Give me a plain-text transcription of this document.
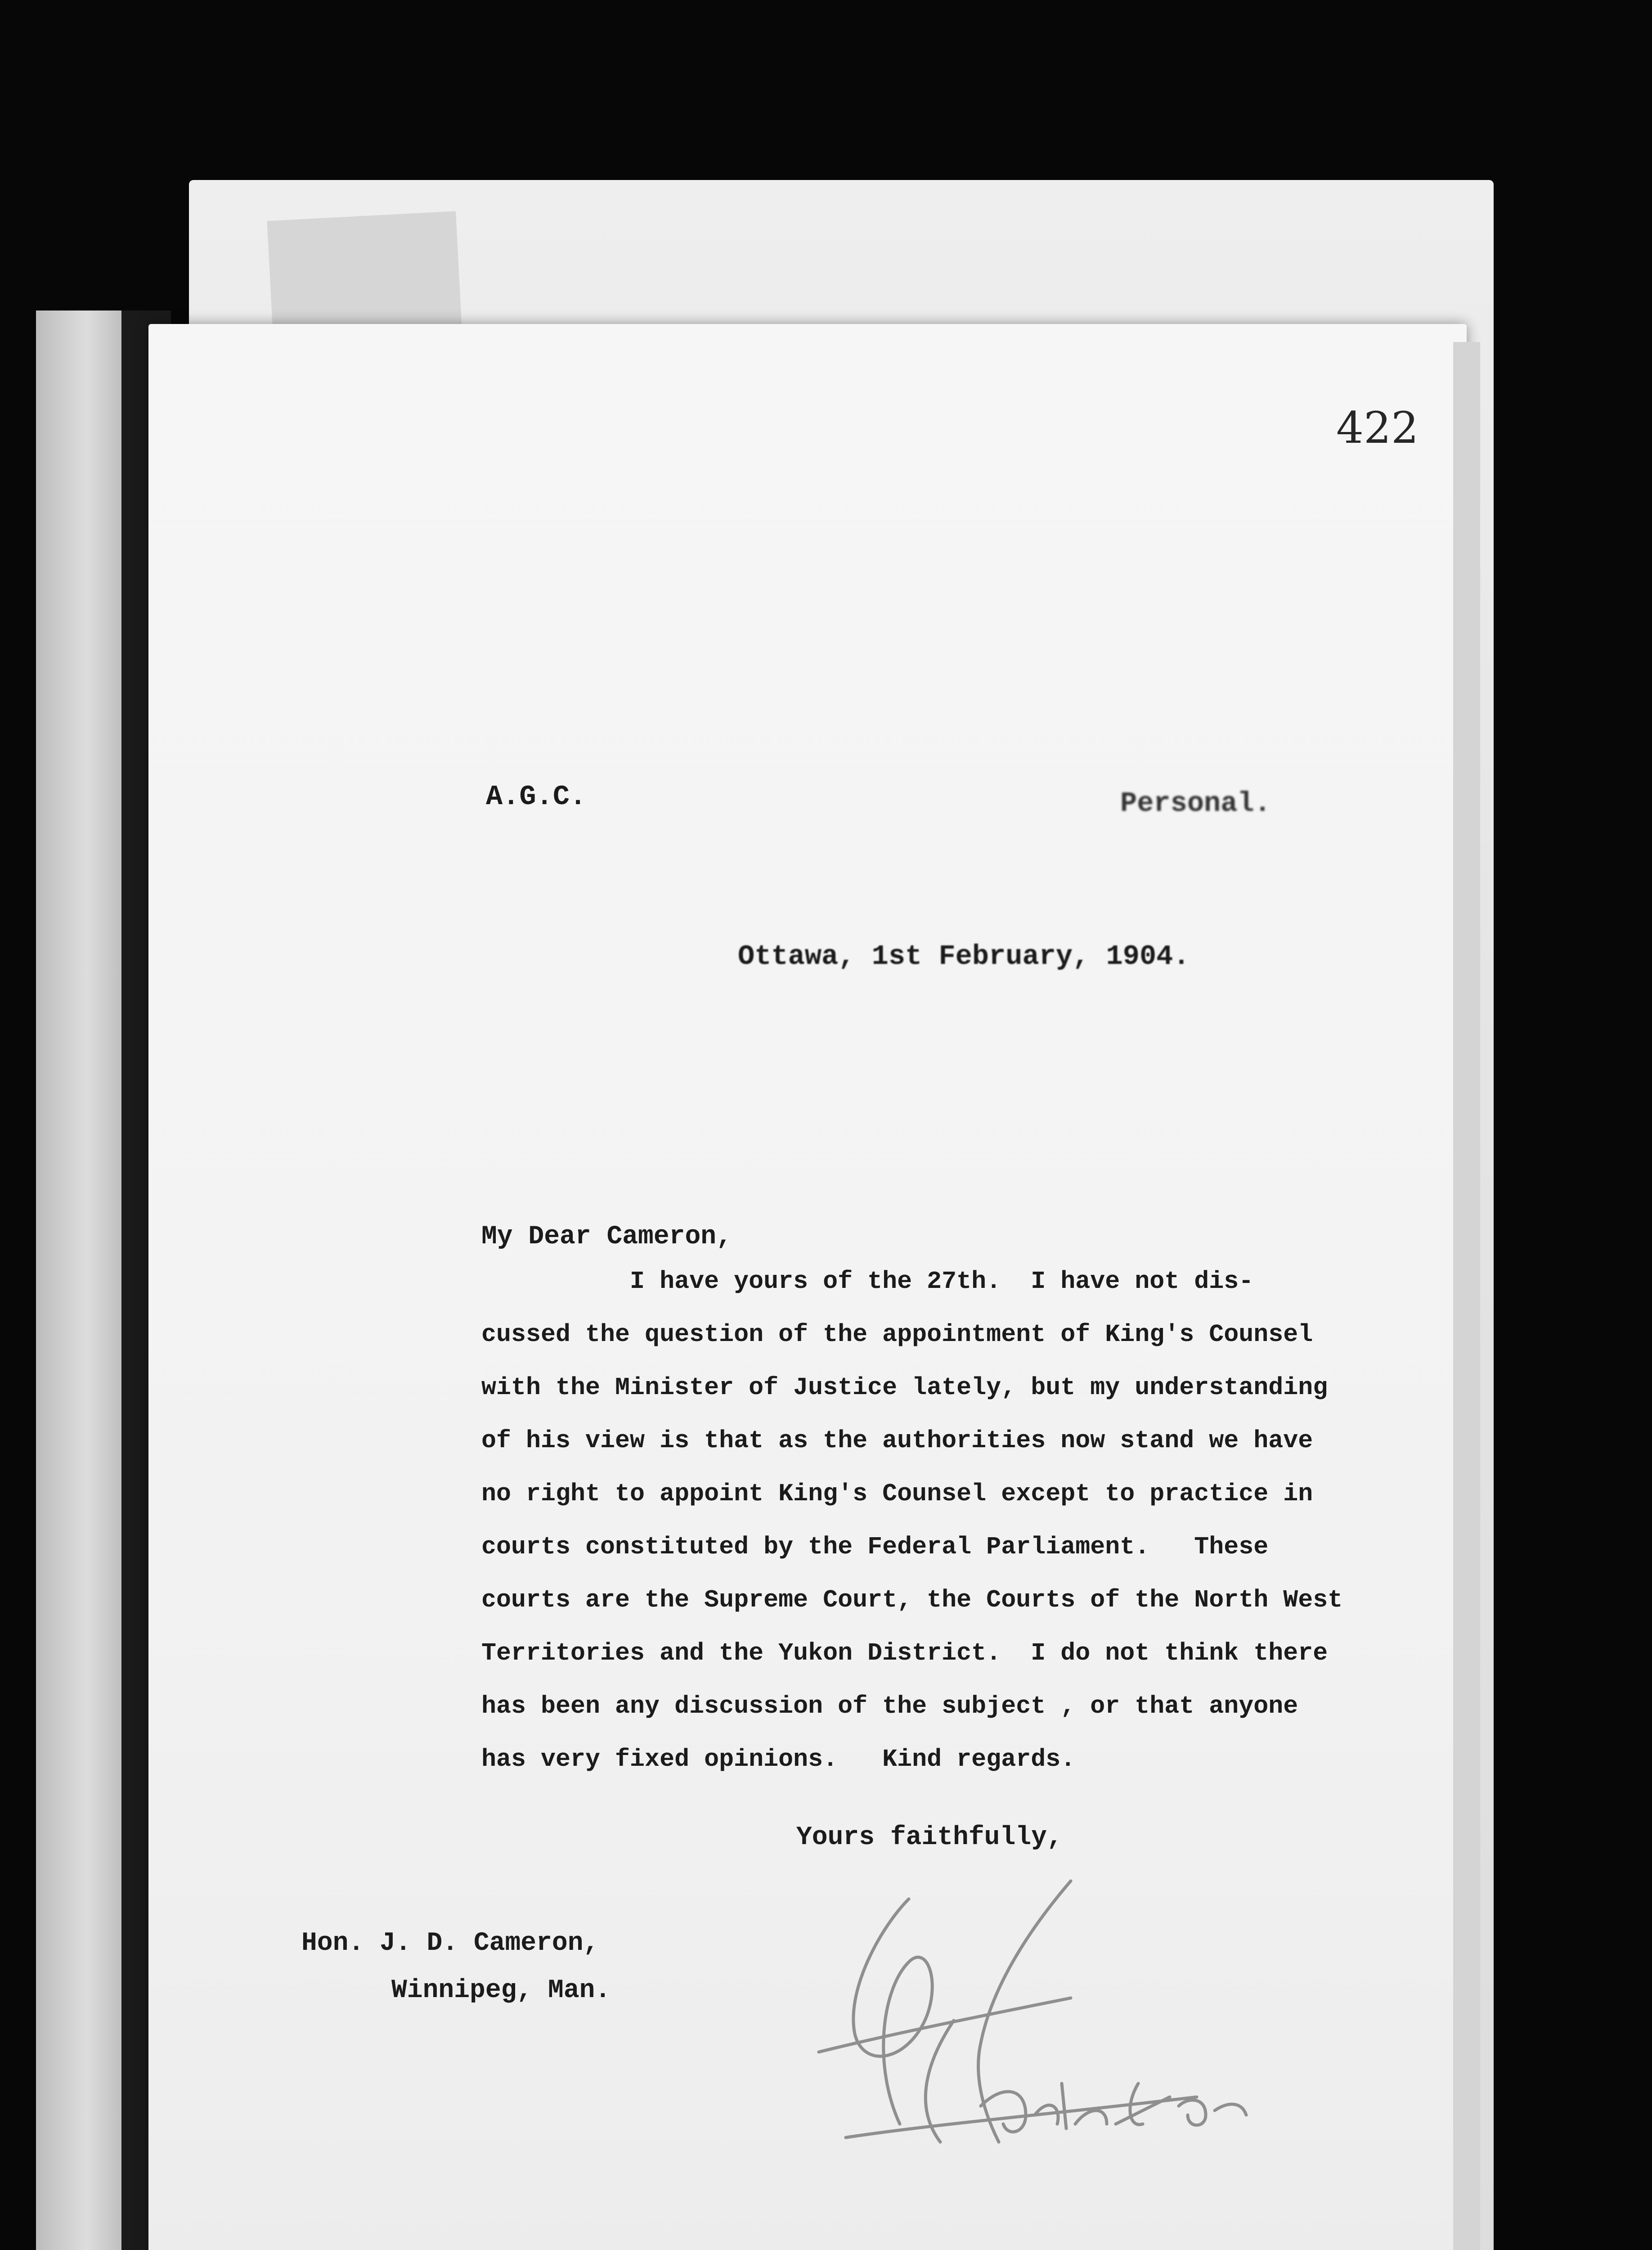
422
A.G.C.	Personal.
Ottawa, 1st February, 1904.
My Dear Cameron,
I have yours of the 27th.  I have not dis-
cussed the question of the appointment of King's Counsel
with the Minister of Justice lately, but my understanding
of his view is that as the authorities now stand we have
no right to appoint King's Counsel except to practice in
courts constituted by the Federal Parliament.   These
courts are the Supreme Court, the Courts of the North West
Territories and the Yukon District.  I do not think there
has been any discussion of the subject , or that anyone
has very fixed opinions.   Kind regards.
Yours faithfully,
Hon. J. D. Cameron,
Winnipeg, Man.
